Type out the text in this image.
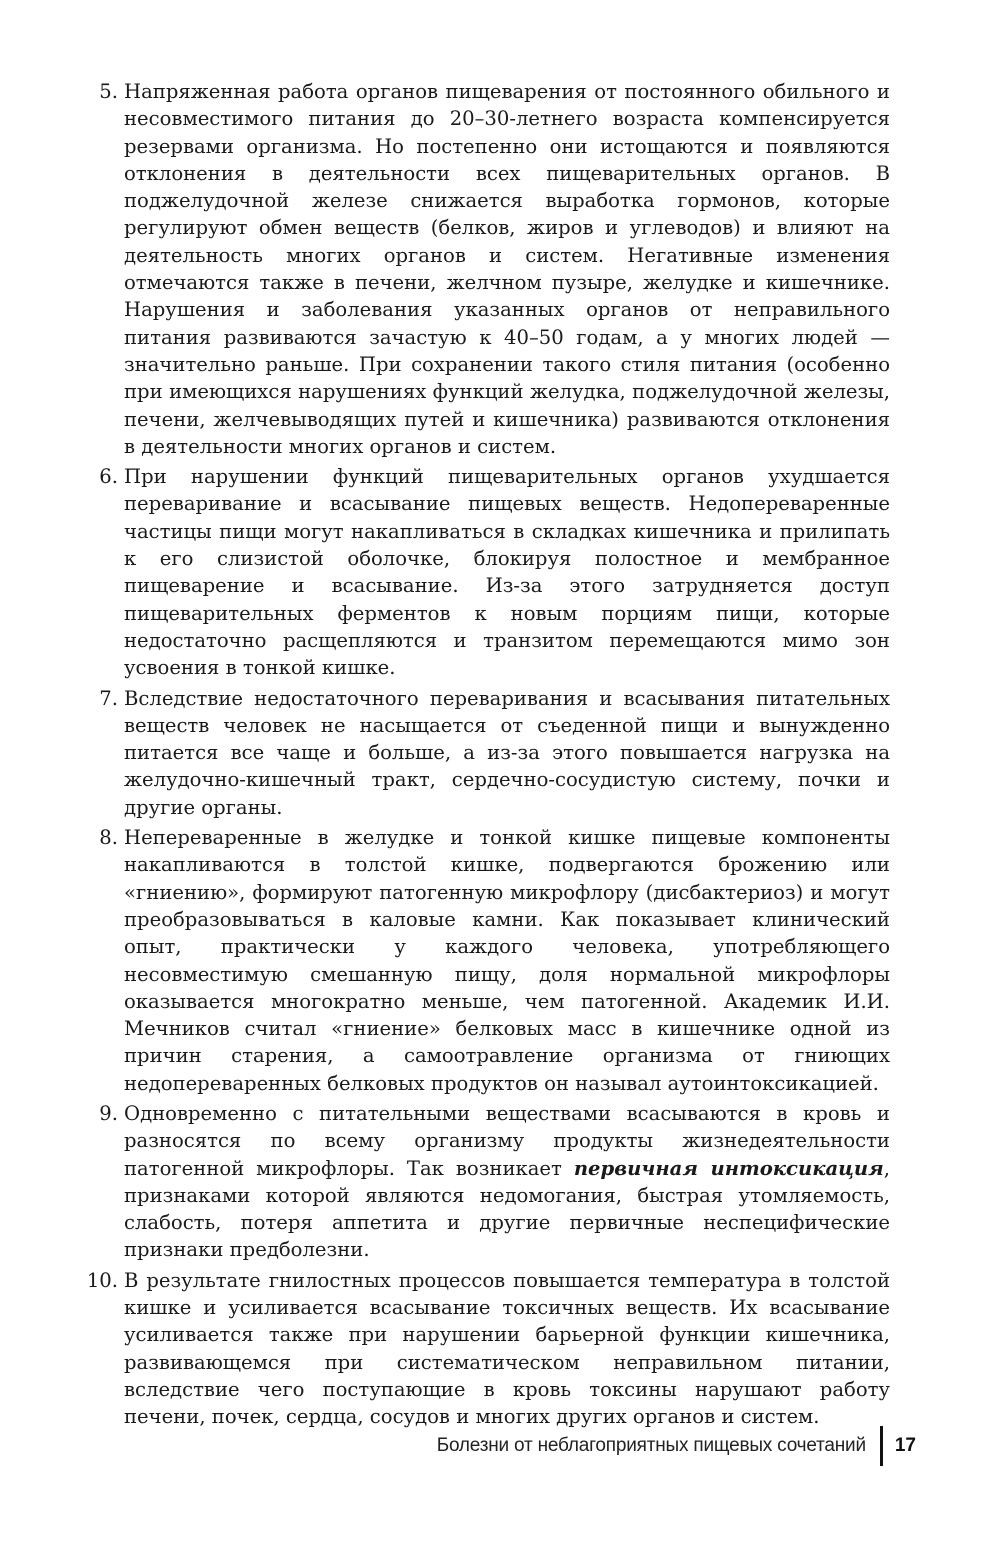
5. Напряженная работа органов пищеварения от постоянного обильного и несовместимого питания до 20–30-летнего возраста компенсируется резервами организма. Но постепенно они истощаются и появляются отклонения в деятельности всех пищеварительных органов. В поджелудочной железе снижается выработка гормонов, которые регулируют обмен веществ (белков, жиров и углеводов) и влияют на деятельность многих органов и систем. Негативные изменения отмечаются также в печени, желчном пузыре, желудке и кишечнике. Нарушения и заболевания указанных органов от неправильного питания развиваются зачастую к 40–50 годам, а у многих людей — значительно раньше. При сохранении такого стиля питания (особенно при имеющихся нарушениях функций желудка, поджелудочной железы, печени, желчевыводящих путей и кишечника) развиваются отклонения в деятельности многих органов и систем.
6. При нарушении функций пищеварительных органов ухудшается переваривание и всасывание пищевых веществ. Недопереваренные частицы пищи могут накапливаться в складках кишечника и прилипать к его слизистой оболочке, блокируя полостное и мембранное пищеварение и всасывание. Из-за этого затрудняется доступ пищеварительных ферментов к новым порциям пищи, которые недостаточно расщепляются и транзитом перемещаются мимо зон усвоения в тонкой кишке.
7. Вследствие недостаточного переваривания и всасывания питательных веществ человек не насыщается от съеденной пищи и вынужденно питается все чаще и больше, а из-за этого повышается нагрузка на желудочно-кишечный тракт, сердечно-сосудистую систему, почки и другие органы.
8. Непереваренные в желудке и тонкой кишке пищевые компоненты накапливаются в толстой кишке, подвергаются брожению или «гниению», формируют патогенную микрофлору (дисбактериоз) и могут преобразовываться в каловые камни. Как показывает клинический опыт, практически у каждого человека, употребляющего несовместимую смешанную пищу, доля нормальной микрофлоры оказывается многократно меньше, чем патогенной. Академик И.И. Мечников считал «гниение» белковых масс в кишечнике одной из причин старения, а самоотравление организма от гниющих недопереваренных белковых продуктов он называл аутоинтоксикацией.
9. Одновременно с питательными веществами всасываются в кровь и разносятся по всему организму продукты жизнедеятельности патогенной микрофлоры. Так возникает первичная интоксикация, признаками которой являются недомогания, быстрая утомляемость, слабость, потеря аппетита и другие первичные неспецифические признаки предболезни.
10. В результате гнилостных процессов повышается температура в толстой кишке и усиливается всасывание токсичных веществ. Их всасывание усиливается также при нарушении барьерной функции кишечника, развивающемся при систематическом неправильном питании, вследствие чего поступающие в кровь токсины нарушают работу печени, почек, сердца, сосудов и многих других органов и систем.
Болезни от неблагоприятных пищевых сочетаний 17
